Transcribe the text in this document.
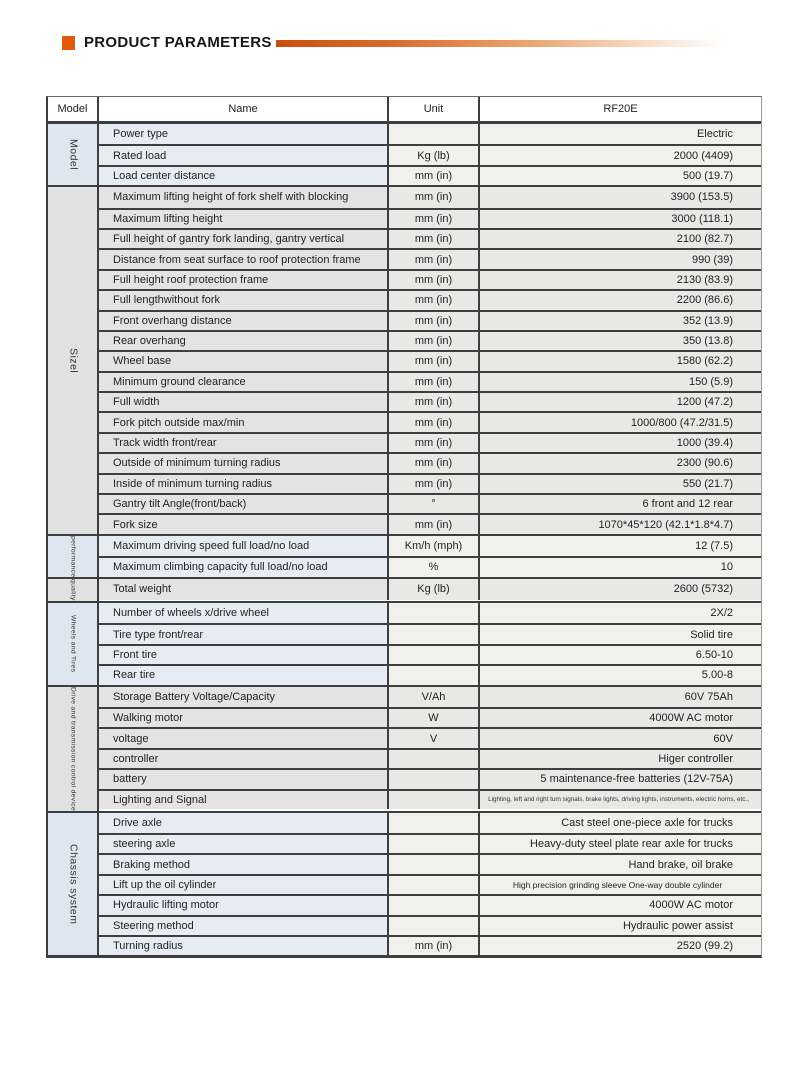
PRODUCT PARAMETERS
Model	Name	Unit	RF20E
Model
Power type	Electric
Rated load	Kg (lb)	2000 (4409)
Load center distance	mm (in)	500 (19.7)
Sizel
Maximum lifting height of fork shelf with blocking	mm (in)	3900 (153.5)
Maximum lifting height	mm (in)	3000 (118.1)
Full height of gantry fork landing, gantry vertical	mm (in)	2100 (82.7)
Distance from seat surface to roof protection frame	mm (in)	990 (39)
Full height roof protection frame	mm (in)	2130 (83.9)
Full lengthwithout fork	mm (in)	2200 (86.6)
Front overhang distance	mm (in)	352 (13.9)
Rear overhang	mm (in)	350 (13.8)
Wheel base	mm (in)	1580 (62.2)
Minimum ground clearance	mm (in)	150 (5.9)
Full width	mm (in)	1200 (47.2)
Fork pitch outside max/min	mm (in)	1000/800 (47.2/31.5)
Track width front/rear	mm (in)	1000 (39.4)
Outside of minimum turning radius	mm (in)	2300 (90.6)
Inside of minimum turning radius	mm (in)	550 (21.7)
Gantry tilt Angle(front/back)	°	6 front and 12 rear
Fork size	mm (in)	1070*45*120 (42.1*1.8*4.7)
performance	Maximum driving speed full load/no load	Km/h (mph)	12 (7.5)
Maximum climbing capacity full load/no load	%	10
quality	Total weight	Kg (lb)	2600 (5732)
Wheels and Tires
Number of wheels x/drive wheel	2X/2
Tire type front/rear	Solid tire
Front tire	6.50-10
Rear tire	5.00-8
Drive and transmission control device	Storage Battery Voltage/Capacity	V/Ah	60V 75Ah
Walking motor	W	4000W AC motor
voltage	V	60V
controller	Higer controller
battery	5 maintenance-free batteries (12V-75A)
Lighting and Signal	Lighting, left and right turn signals, brake lights, driving lights, instruments, electric horns, etc.,
Chassis system
Drive axle	Cast steel one-piece axle for trucks
steering axle	Heavy-duty steel plate rear axle for trucks
Braking method	Hand brake, oil brake
Lift up the oil cylinder	High precision grinding sleeve One-way double cylinder
Hydraulic lifting motor	4000W AC motor
Steering method	Hydraulic power assist
Turning radius	mm (in)	2520 (99.2)
